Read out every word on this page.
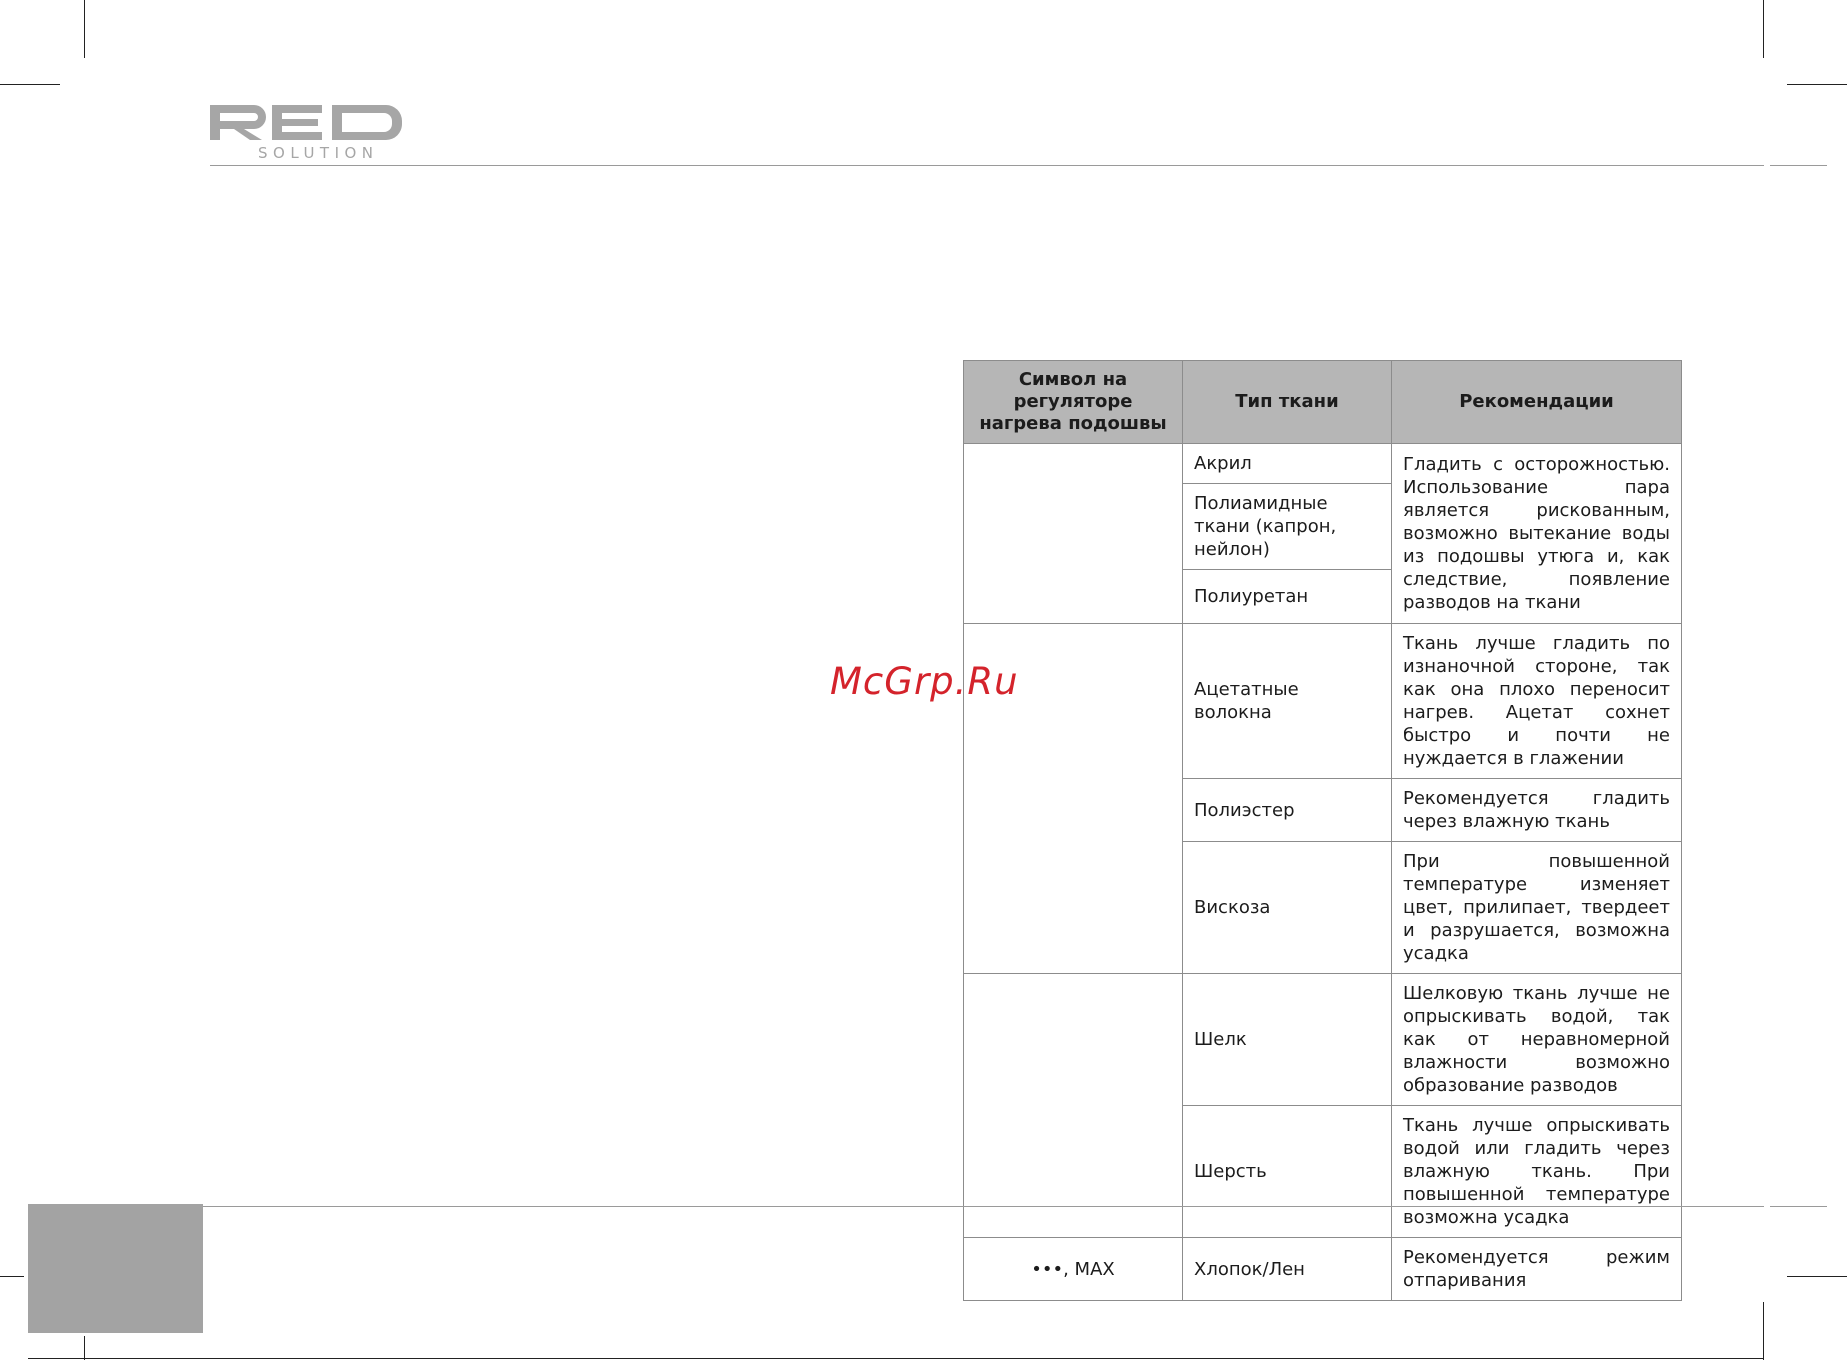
SOLUTION
McGrp.Ru
Символ на регуляторе нагрева подошвы	Тип ткани	Рекомендации
	Акрил	Гладить с осторожностью. Использование пара является рискованным, возможно вытекание воды из подошвы утюга и, как следствие, появление разводов на ткани
	Полиамидные ткани (капрон, нейлон)	
	Полиуретан	
	Ацетатные волокна	Ткань лучше гладить по изнаночной стороне, так как она плохо переносит нагрев. Ацетат сохнет быстро и почти не нуждается в глажении
	Полиэстер	Рекомендуется гладить через влажную ткань
	Вискоза	При повышенной температуре изменяет цвет, прилипает, твердеет и разрушается, возможна усадка
	Шелк	Шелковую ткань лучше не опрыскивать водой, так как от неравномерной влажности возможно образование разводов
	Шерсть	Ткань лучше опрыскивать водой или гладить через влажную ткань. При повышенной температуре возможна усадка
•••, MAX	Хлопок/Лен	Рекомендуется режим отпаривания
